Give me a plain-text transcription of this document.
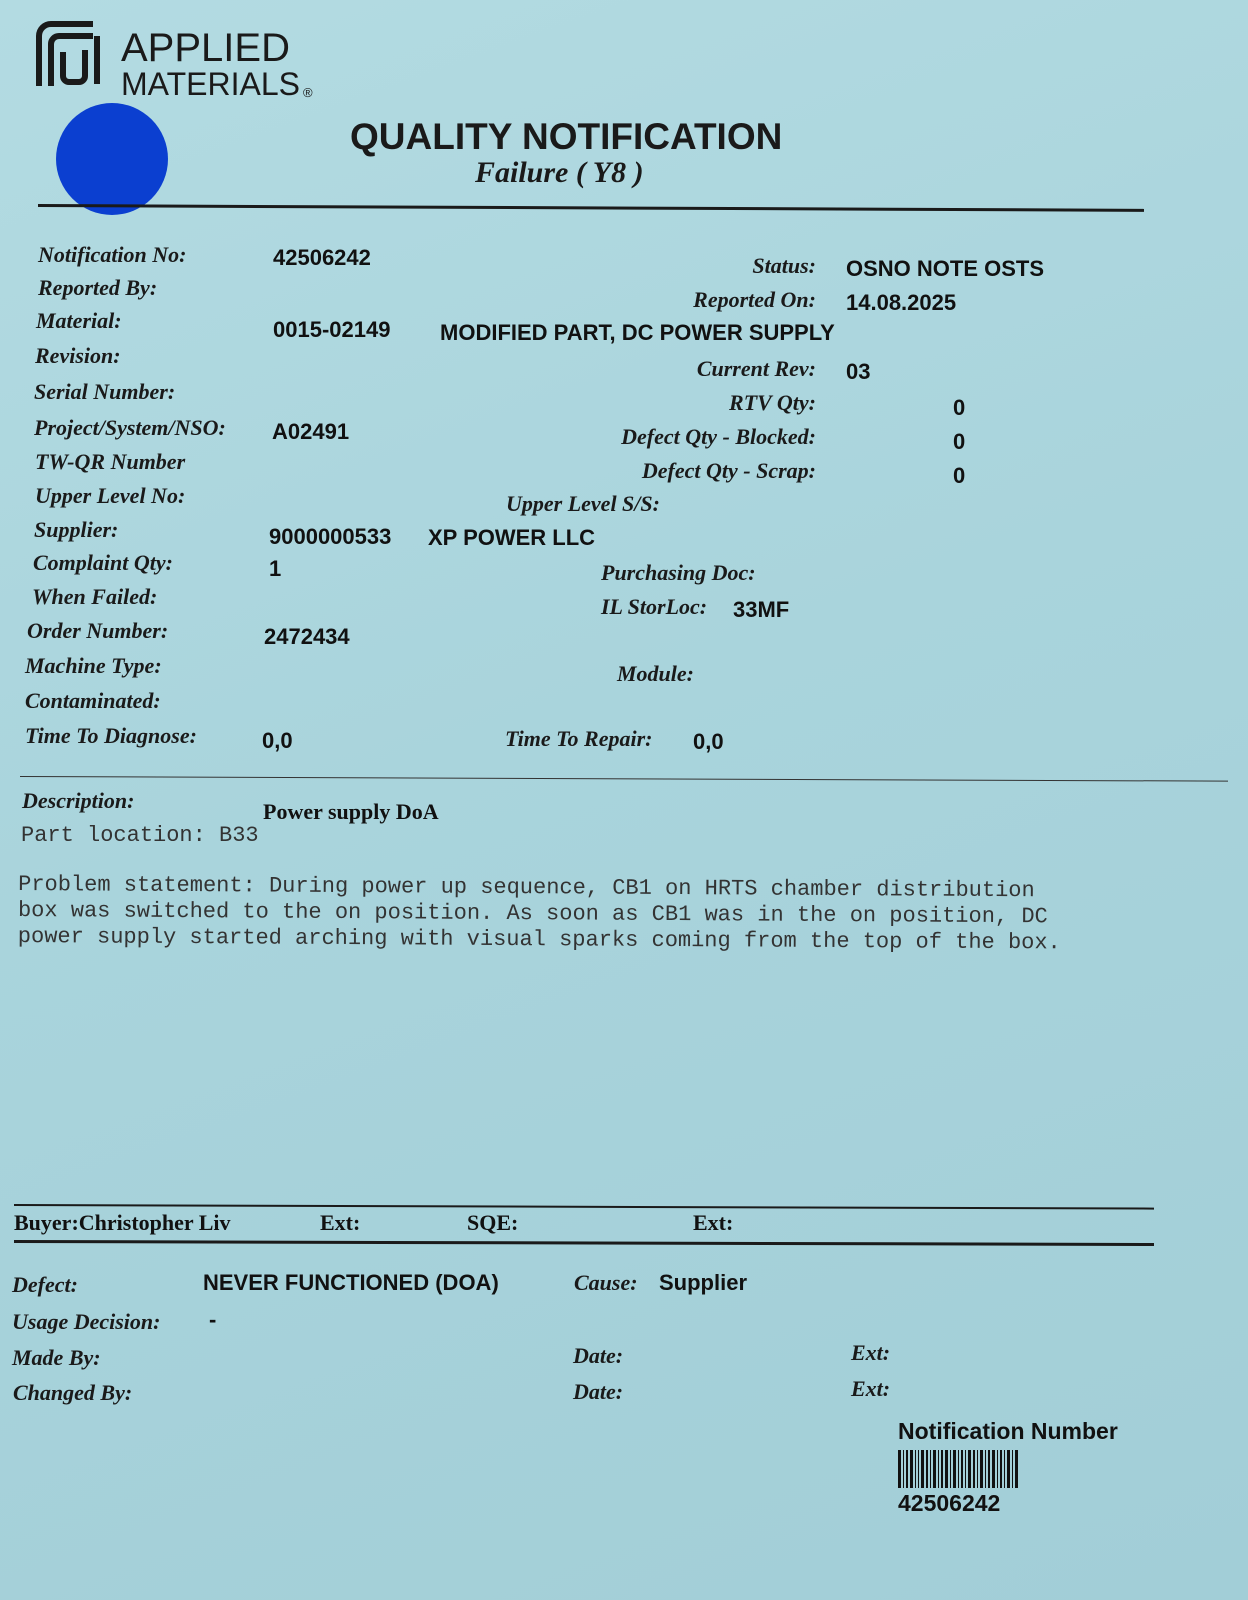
APPLIED
MATERIALS ®
QUALITY NOTIFICATION
Failure ( Y8 )
Notification No:	42506242
Reported By:
Material:	0015-02149 MODIFIED PART, DC POWER SUPPLY
Revision:
Serial Number:
Project/System/NSO: A02491
TW-QR Number
Upper Level No:
Supplier:	9000000533 XP POWER LLC
Complaint Qty:	1
When Failed:
Order Number:	2472434
Machine Type:
Contaminated:
Time To Diagnose:	0,0
Status: OSNO NOTE OSTS
Reported On: 14.08.2025
Current Rev: 03
RTV Qty:	0
Defect Qty - Blocked:	0
Defect Qty - Scrap:	0
Upper Level S/S:
Purchasing Doc:
IL StorLoc: 33MF
Module:
Time To Repair: 0,0
Description:	Power supply DoA
Part location: B33
Problem statement: During power up sequence, CB1 on HRTS chamber distribution
box was switched to the on position. As soon as CB1 was in the on position, DC
power supply started arching with visual sparks coming from the top of the box.
Buyer:Christopher Liv	Ext:	SQE:	Ext:
Defect:	NEVER FUNCTIONED (DOA)	Cause: Supplier
Usage Decision: -
Made By:	Date:	Ext:
Changed By:	Date:	Ext:
Notification Number
42506242
